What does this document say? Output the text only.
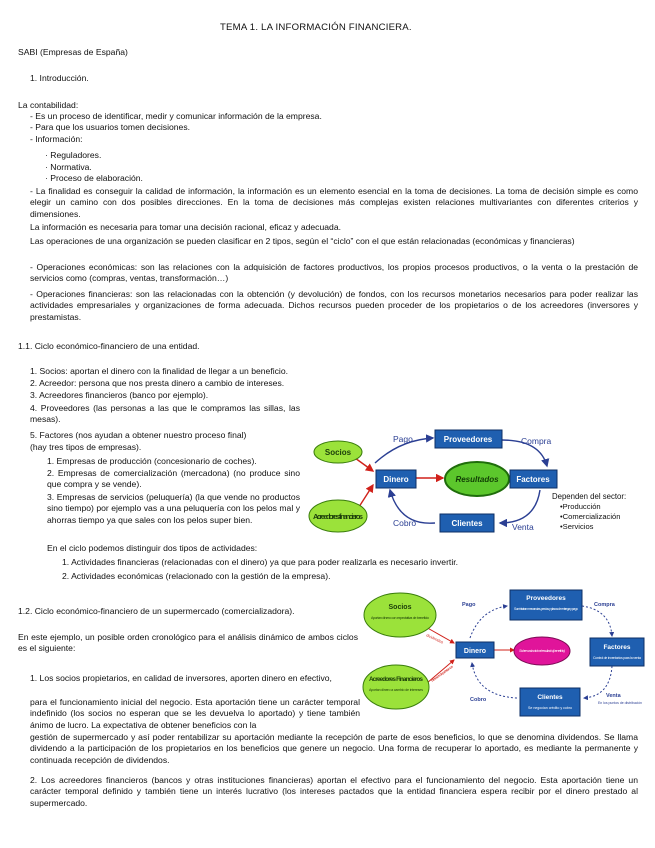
TEMA 1. LA INFORMACIÓN FINANCIERA.
SABI (Empresas de España)
1. Introducción.
La contabilidad:
- Es un proceso de identificar, medir y comunicar información de la empresa.
- Para que los usuarios tomen decisiones.
- Información:
· Reguladores.
· Normativa.
· Proceso de elaboración.
- La finalidad es conseguir la calidad de información, la información es un elemento esencial en la toma de decisiones. La toma de decisión simple es como elegir un camino con dos posibles direcciones. En la toma de decisiones más complejas existen relaciones multivariantes con diferentes criterios y dimensiones.
La información es necesaria para tomar una decisión racional, eficaz y adecuada.
Las operaciones de una organización se pueden clasificar en 2 tipos, según el “ciclo” con el que están relacionadas (económicas y financieras)
- Operaciones económicas: son las relaciones con la adquisición de factores productivos, los propios procesos productivos, o la venta o la prestación de servicios como (compras, ventas, transformación…)
- Operaciones financieras: son las relacionadas con la obtención (y devolución) de fondos, con los recursos monetarios necesarios para poder realizar las actividades empresariales y organizaciones de forma adecuada. Dichos recursos pueden proceder de los propietarios o de los acreedores (inversores y prestamistas.
1.1. Ciclo económico-financiero de una entidad.
1. Socios: aportan el dinero con la finalidad de llegar a un beneficio.
2. Acreedor: persona que nos presta dinero a cambio de intereses.
3. Acreedores financieros (banco por ejemplo).
4. Proveedores (las personas a las que le compramos las sillas, las mesas).
5. Factores (nos ayudan a obtener nuestro proceso final)
(hay tres tipos de empresas).
1. Empresas de producción (concesionario de coches).
2. Empresas de comercialización (mercadona) (no produce sino que compra y se vende).
3. Empresas de servicios (peluquería) (la que vende no productos sino tiempo) por ejemplo vas a una peluquería con los pelos mal y ahorras tiempo ya que sales con los pelos super bien.
En el ciclo podemos distinguir dos tipos de actividades:
1. Actividades financieras (relacionadas con el dinero) ya que para poder realizarla es necesario invertir.
2. Actividades económicas (relacionado con la gestión de la empresa).
1.2. Ciclo económico-financiero de un supermercado (comercializadora).
En este ejemplo, un posible orden cronológico para el análisis dinámico de ambos ciclos es el siguiente:
1. Los socios propietarios, en calidad de inversores, aporten dinero en efectivo,
para el funcionamiento inicial del negocio. Esta aportación tiene un carácter temporal indefinido (los socios no esperan que se les devuelva lo aportado) y tiene también ánimo de lucro. La expectativa de obtener beneficios con la
gestión de supermercado y así poder rentabilizar su aportación mediante la recepción de parte de esos beneficios, lo que se denomina dividendos. Se llama dividendo a la participación de los propietarios en los beneficios que genere un negocio. Una forma de recuperar lo aportado, es mediante la permanente y continuada recepción de dividendos.
2. Los acreedores financieros (bancos y otras instituciones financieras) aportan el efectivo para el funcionamiento del negocio. Esta aportación tiene un carácter temporal definido y también tiene un interés lucrativo (los intereses pactados que la entidad financiera espera recibir por el dinero prestado al supermercado.
Socios
Acreedores financieros
Dinero	Resultados
Proveedores
Factores
Clientes
Pago	Compra
Cobro	Venta
Dependen del sector:
•Producción
•Comercialización
•Servicios
Socios
Aportan dinero con expectativa de beneficio
Acreedores Financieros
Aportan dinero a cambio de intereses
Dinero	Sobre cada ciclo el resultado (beneficio)
Proveedores
Suministran mercancías, precios y plazos de entrega y pago
Factores
Control de inventarios para la venta
Clientes
Se negocian crédito y cobro
Pago	Compra
Cobro
Venta
En los puntos de distribución
dividendos
Intereses de préstamos
